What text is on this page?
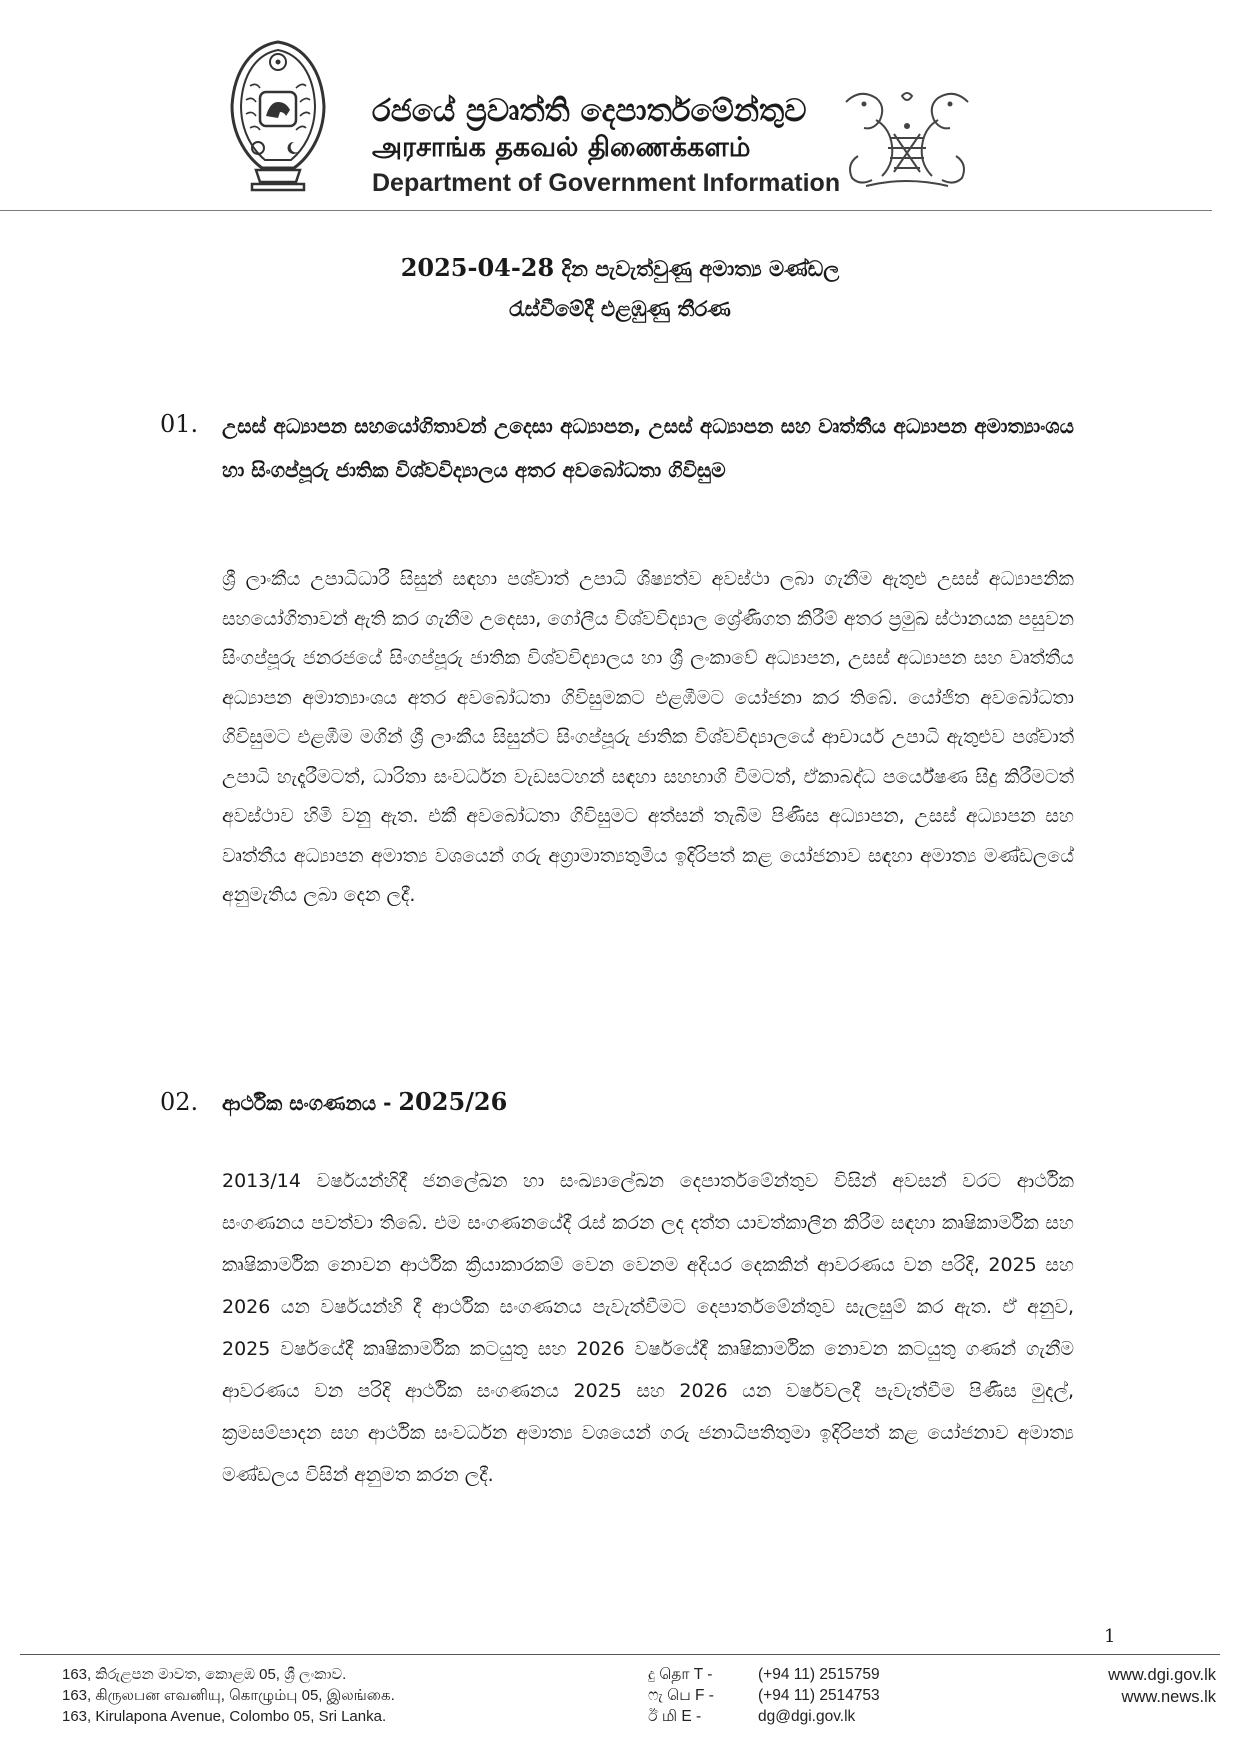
රජයේ ප්‍රවෘත්ති දෙපාර්තමේන්තුව
அரசாங்க தகவல் திணைக்களம்
Department of Government Information
2025-04-28 දින පැවැත්වුණු අමාත්‍ය මණ්ඩල
රැස්වීමේදී එළඹුණු තීරණ
01. උසස් අධ්‍යාපන සහයෝගිතාවන් උදෙසා අධ්‍යාපන, උසස් අධ්‍යාපන සහ වෘත්තීය අධ්‍යාපන අමාත්‍යාංශය හා සිංගප්පූරු ජාතික විශ්වවිද්‍යාලය අතර අවබෝධතා ගිවිසුම
ශ්‍රී ලාංකීය උපාධිධාරී සිසුන් සඳහා පශ්චාත් උපාධි ශිෂ්‍යත්ව අවස්ථා ලබා ගැනීම ඇතුළු උසස් අධ්‍යාපනික සහයෝගිතාවන් ඇති කර ගැනීම උදෙසා, ගෝලීය විශ්වවිද්‍යාල ශ්‍රේණිගත කිරීම් අතර ප්‍රමුඛ ස්ථානයක පසුවන සිංගප්පූරු ජනරජයේ සිංගප්පූරු ජාතික විශ්වවිද්‍යාලය හා ශ්‍රී ලංකාවේ අධ්‍යාපන, උසස් අධ්‍යාපන සහ වෘත්තීය අධ්‍යාපන අමාත්‍යාංශය අතර අවබෝධතා ගිවිසුමකට එළඹීමට යෝජනා කර තිබේ. යෝජිත අවබෝධතා ගිවිසුමට එළඹීම මගින් ශ්‍රී ලාංකීය සිසුන්ට සිංගප්පූරු ජාතික විශ්වවිද්‍යාලයේ ආචාර්ය උපාධි ඇතුළුව පශ්චාත් උපාධි හැදෑරීමටත්, ධාරිතා සංවර්ධන වැඩසටහන් සඳහා සහභාගි වීමටත්, ඒකාබද්ධ පර්යේෂණ සිදු කිරීමටත් අවස්ථාව හිමි වනු ඇත. එකී අවබෝධතා ගිවිසුමට අත්සන් තැබීම පිණිස අධ්‍යාපන, උසස් අධ්‍යාපන සහ වෘත්තීය අධ්‍යාපන අමාත්‍ය වශයෙන් ගරු අග්‍රාමාත්‍යතුමිය ඉදිරිපත් කළ යෝජනාව සඳහා අමාත්‍ය මණ්ඩලයේ අනුමැතිය ලබා දෙන ලදී.
02. ආර්ථික සංගණනය - 2025/26
2013/14 වර්ෂයන්හිදී ජනලේඛන හා සංඛ්‍යාලේඛන දෙපාර්තමේන්තුව විසින් අවසන් වරට ආර්ථික සංගණනය පවත්වා තිබේ. එම සංගණනයේදී රැස් කරන ලද දත්ත යාවත්කාලීන කිරීම සඳහා කෘෂිකාර්මික සහ කෘෂිකාර්මික නොවන ආර්ථික ක්‍රියාකාරකම් වෙන වෙනම අදියර දෙකකින් ආවරණය වන පරිදි, 2025 සහ 2026 යන වර්ෂයන්හි දී ආර්ථික සංගණනය පැවැත්වීමට දෙපාර්තමේන්තුව සැලසුම් කර ඇත. ඒ අනුව, 2025 වර්ෂයේදී කෘෂිකාර්මික කටයුතු සහ 2026 වර්ෂයේදී කෘෂිකාර්මික නොවන කටයුතු ගණන් ගැනීම ආවරණය වන පරිදි ආර්ථික සංගණනය 2025 සහ 2026 යන වර්ෂවලදී පැවැත්වීම පිණිස මුදල්, ක්‍රමසම්පාදන සහ ආර්ථික සංවර්ධන අමාත්‍ය වශයෙන් ගරු ජනාධිපතිතුමා ඉදිරිපත් කළ යෝජනාව අමාත්‍ය මණ්ඩලය විසින් අනුමත කරන ලදී.
1
163, කිරුළපන මාවත, කොළඹ 05, ශ්‍රී ලංකාව.
163, கிருலபன எவனியு, கொழும்பு 05, இலங்கை.
163, Kirulapona Avenue, Colombo 05, Sri Lanka.
දු தொ T -	(+94 11) 2515759
ෆැ பெ F -	(+94 11) 2514753
ඊ மி E -	dg@dgi.gov.lk
www.dgi.gov.lk
www.news.lk
